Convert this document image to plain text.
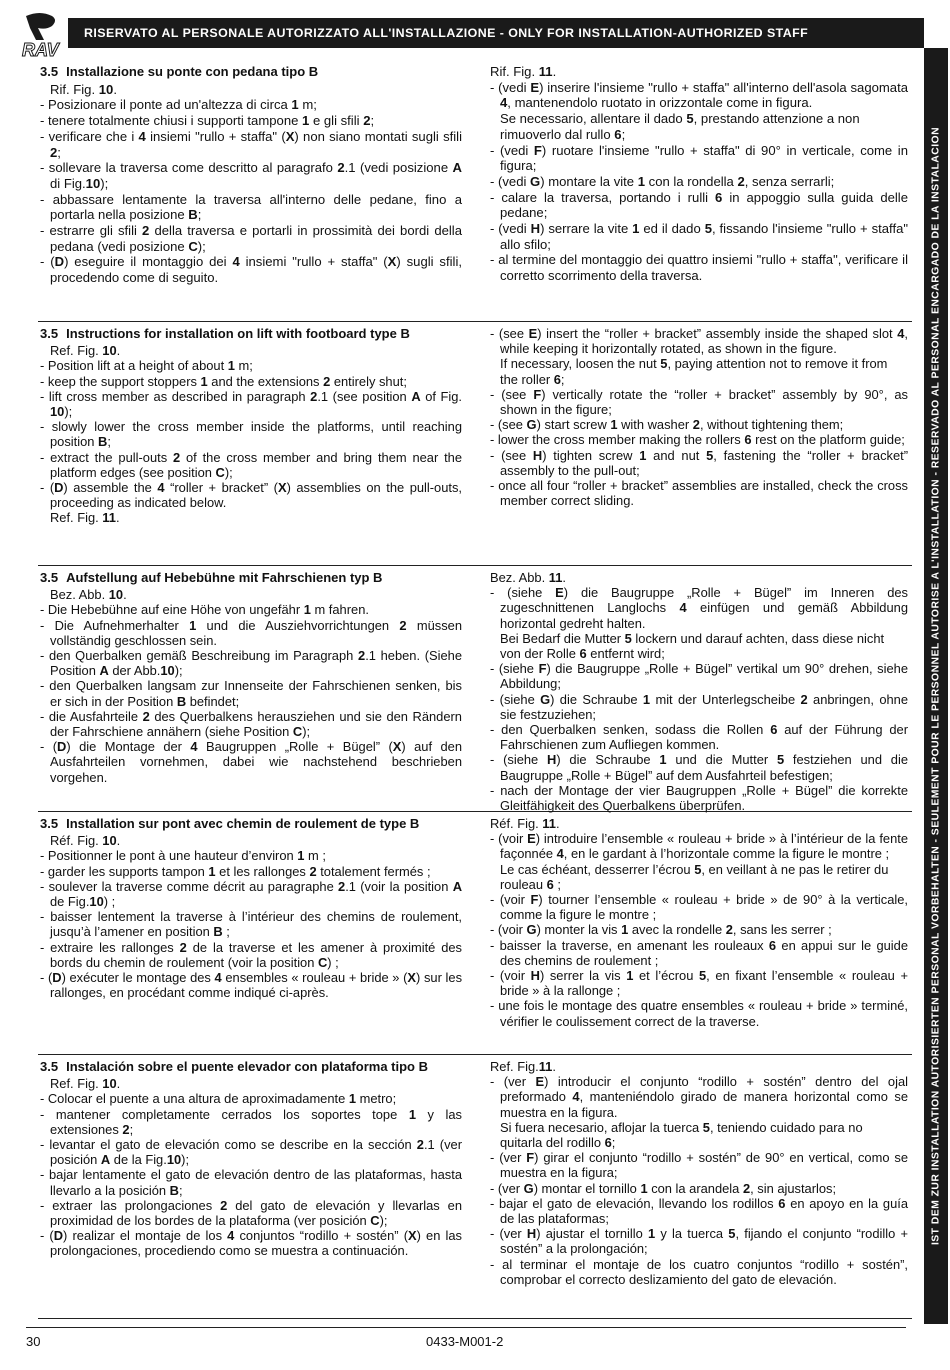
RAV
RISERVATO AL PERSONALE AUTORIZZATO ALL'INSTALLAZIONE - ONLY FOR INSTALLATION-AUTHORIZED STAFF
IST DEM ZUR INSTALLATION AUTORISIERTEN PERSONAL VORBEHALTEN - SEULEMENT POUR LE PERSONNEL AUTORISE A L'INSTALLATION - RESERVADO AL PERSONAL ENCARGADO DE LA INSTALACION
3.5 Installazione su ponte con pedana tipo B

Rif. Fig. 10.

- Posizionare il ponte ad un'altezza di circa 1 m;

- tenere totalmente chiusi i supporti tampone 1 e gli sfili 2;

- verificare che i 4 insiemi "rullo + staffa" (X) non siano montati sugli sfili 2;

- sollevare la traversa come descritto al paragrafo 2.1 (vedi posizione A di Fig.10);

- abbassare lentamente la traversa all'interno delle pedane, fino a portarla nella posizione B;

- estrarre gli sfili 2 della traversa e portarli in prossimità dei bordi della pedana (vedi posizione C);

- (D) eseguire il montaggio dei 4 insiemi "rullo + staffa" (X) sugli sfili, procedendo come di seguito.

Rif. Fig. 11.

- (vedi E) inserire l'insieme "rullo + staffa" all'interno dell'asola sagomata 4, mantenendolo ruotato in orizzontale come in figura.

Se necessario, allentare il dado 5, prestando attenzione a non rimuoverlo dal rullo 6;

- (vedi F) ruotare l'insieme "rullo + staffa" di 90° in verticale, come in figura;

- (vedi G) montare la vite 1 con la rondella 2, senza serrarli;

- calare la traversa, portando i rulli 6 in appoggio sulla guida delle pedane;

- (vedi H) serrare la vite 1 ed il dado 5, fissando l'insieme "rullo + staffa" allo sfilo;

- al termine del montaggio dei quattro insiemi "rullo + staffa", verificare il corretto scorrimento della traversa.

3.5 Instructions for installation on lift with footboard type B

Ref. Fig. 10.

- Position lift at a height of about 1 m;

- keep the support stoppers 1 and the extensions 2 entirely shut;

- lift cross member as described in paragraph 2.1 (see position A of Fig. 10);

- slowly lower the cross member inside the platforms, until reaching position B;

- extract the pull-outs 2 of the cross member and bring them near the platform edges (see position C);

- (D) assemble the 4 “roller + bracket” (X) assemblies on the pull-outs, proceeding as indicated below.

Ref. Fig. 11.

- (see E) insert the “roller + bracket” assembly inside the shaped slot 4, while keeping it horizontally rotated, as shown in the figure.

If necessary, loosen the nut 5, paying attention not to remove it from the roller 6;

- (see F) vertically rotate the “roller + bracket” assembly by 90°, as shown in the figure;

- (see G) start screw 1 with washer 2, without tightening them;

- lower the cross member making the rollers 6 rest on the platform guide;

- (see H) tighten screw 1 and nut 5, fastening the “roller + bracket” assembly to the pull-out;

- once all four “roller + bracket” assemblies are installed, check the cross member correct sliding.

3.5 Aufstellung auf Hebebühne mit Fahrschienen typ B

Bez. Abb. 10.

- Die Hebebühne auf eine Höhe von ungefähr 1 m fahren.

- Die Aufnehmerhalter 1 und die Ausziehvorrichtungen 2 müssen vollständig geschlossen sein.

- den Querbalken gemäß Beschreibung im Paragraph 2.1 heben. (Siehe Position A der Abb.10);

- den Querbalken langsam zur Innenseite der Fahrschienen senken, bis er sich in der Position B befindet;

- die Ausfahrteile 2 des Querbalkens herausziehen und sie den Rändern der Fahrschiene annähern (siehe Position C);

- (D) die Montage der 4 Baugruppen „Rolle + Bügel” (X) auf den Ausfahrteilen vornehmen, dabei wie nachstehend beschrieben vorgehen.

Bez. Abb. 11.

- (siehe E) die Baugruppe „Rolle + Bügel” im Inneren des zugeschnittenen Langlochs 4 einfügen und gemäß Abbildung horizontal gedreht halten.

Bei Bedarf die Mutter 5 lockern und darauf achten, dass diese nicht von der Rolle 6 entfernt wird;

- (siehe F) die Baugruppe „Rolle + Bügel” vertikal um 90° drehen, siehe Abbildung;

- (siehe G) die Schraube 1 mit der Unterlegscheibe 2 anbringen, ohne sie festzuziehen;

- den Querbalken senken, sodass die Rollen 6 auf der Führung der Fahrschienen zum Aufliegen kommen.

- (siehe H) die Schraube 1 und die Mutter 5 festziehen und die Baugruppe „Rolle + Bügel” auf dem Ausfahrteil befestigen;

- nach der Montage der vier Baugruppen „Rolle + Bügel” die korrekte Gleitfähigkeit des Querbalkens überprüfen.

3.5 Installation sur pont avec chemin de roulement de type B

Réf. Fig. 10.

- Positionner le pont à une hauteur d’environ 1 m ;

- garder les supports tampon 1 et les rallonges 2 totalement fermés ;

- soulever la traverse comme décrit au paragraphe 2.1 (voir la position A de Fig.10) ;

- baisser lentement la traverse à l’intérieur des chemins de roulement, jusqu’à l’amener en position B ;

- extraire les rallonges 2 de la traverse et les amener à proximité des bords du chemin de roulement (voir la position C) ;

- (D) exécuter le montage des 4 ensembles « rouleau + bride » (X) sur les rallonges, en procédant comme indiqué ci-après.

Réf. Fig. 11.

- (voir E) introduire l’ensemble « rouleau + bride » à l’intérieur de la fente façonnée 4, en le gardant à l’horizontale comme la figure le montre ;

Le cas échéant, desserrer l’écrou 5, en veillant à ne pas le retirer du rouleau 6 ;

- (voir F) tourner l’ensemble « rouleau + bride » de 90° à la verticale, comme la figure le montre ;

- (voir G) monter la vis 1 avec la rondelle 2, sans les serrer ;

- baisser la traverse, en amenant les rouleaux 6 en appui sur le guide des chemins de roulement ;

- (voir H) serrer la vis 1 et l’écrou 5, en fixant l’ensemble « rouleau + bride » à la rallonge ;

- une fois le montage des quatre ensembles « rouleau + bride » terminé, vérifier le coulissement correct de la traverse.

3.5 Instalación sobre el puente elevador con plataforma tipo B

Ref. Fig. 10.

- Colocar el puente a una altura de aproximadamente 1 metro;

- mantener completamente cerrados los soportes tope 1 y las extensiones 2;

- levantar el gato de elevación como se describe en la sección 2.1 (ver posición A de la Fig.10);

- bajar lentamente el gato de elevación dentro de las plataformas, hasta llevarlo a la posición B;

- extraer las prolongaciones 2 del gato de elevación y llevarlas en proximidad de los bordes de la plataforma (ver posición C);

- (D) realizar el montaje de los 4 conjuntos “rodillo + sostén” (X) en las prolongaciones, procediendo como se muestra a continuación.

Ref. Fig.11.

- (ver E) introducir el conjunto “rodillo + sostén” dentro del ojal preformado 4, manteniéndolo girado de manera horizontal como se muestra en la figura.

Si fuera necesario, aflojar la tuerca 5, teniendo cuidado para no quitarla del rodillo 6;

- (ver F) girar el conjunto “rodillo + sostén” de 90° en vertical, como se muestra en la figura;

- (ver G) montar el tornillo 1 con la arandela 2, sin ajustarlos;

- bajar el gato de elevación, llevando los rodillos 6 en apoyo en la guía de las plataformas;

- (ver H) ajustar el tornillo 1 y la tuerca 5, fijando el conjunto “rodillo + sostén” a la prolongación;

- al terminar el montaje de los cuatro conjuntos “rodillo + sostén”, comprobar el correcto deslizamiento del gato de elevación.

30	0433-M001-2
